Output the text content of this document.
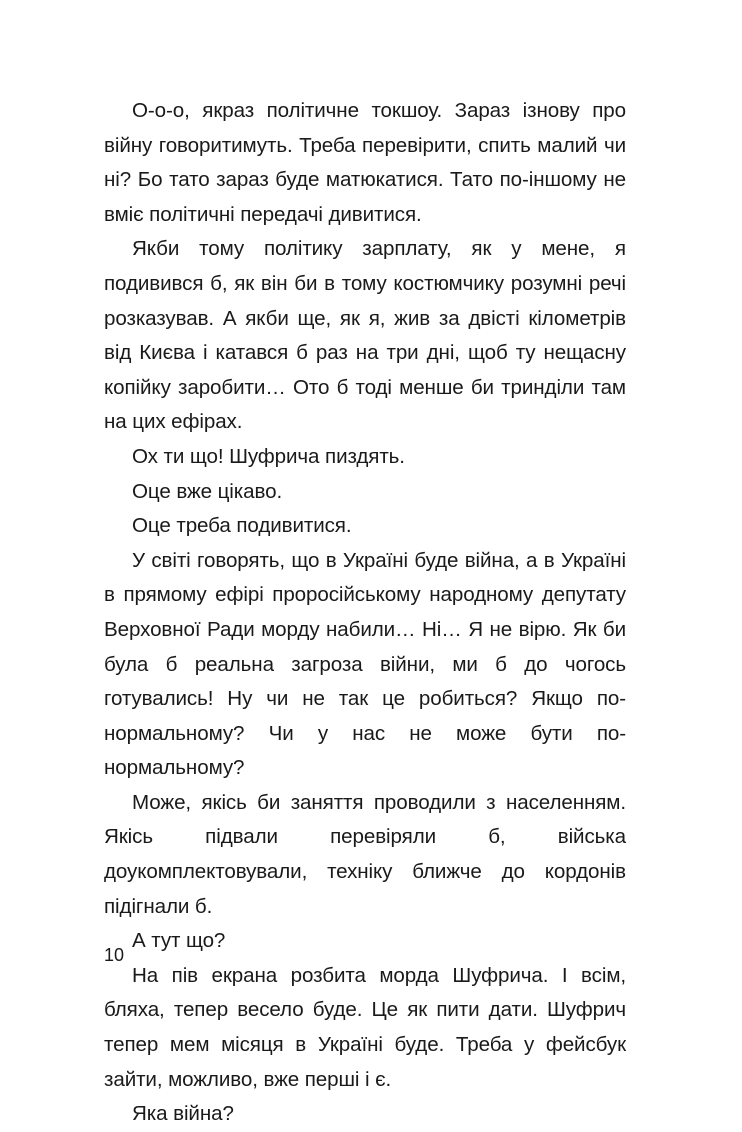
О-о-о, якраз політичне токшоу. Зараз ізнову про війну говоритимуть. Треба перевірити, спить малий чи ні? Бо тато зараз буде матюкатися. Тато по-іншому не вміє політичні передачі дивитися.

Якби тому політику зарплату, як у мене, я подивився б, як він би в тому костюмчику розумні речі розказував. А якби ще, як я, жив за двісті кілометрів від Києва і катався б раз на три дні, щоб ту нещасну копійку заробити… Ото б тоді менше би триндiли там на цих ефірах.

Ох ти що! Шуфрича пиздять.

Оце вже цікаво.

Оце треба подивитися.

У світі говорять, що в Україні буде війна, а в Україні в прямому ефірі проросійському народному депутату Верховної Ради морду набили… Ні… Я не вірю. Як би була б реальна загроза війни, ми б до чогось готувались! Ну чи не так це робиться? Якщо по-нормальному? Чи у нас не може бути по-нормальному?

Може, якісь би заняття проводили з населенням. Якісь підвали перевіряли б, війська доукомплектовували, техніку ближче до кордонів підігнали б.

А тут що?

На пів екрана розбита морда Шуфрича. І всім, бляха, тепер весело буде. Це як пити дати. Шуфрич тепер мем місяця в Україні буде. Треба у фейсбук зайти, можливо, вже перші і є.

Яка війна?

10
